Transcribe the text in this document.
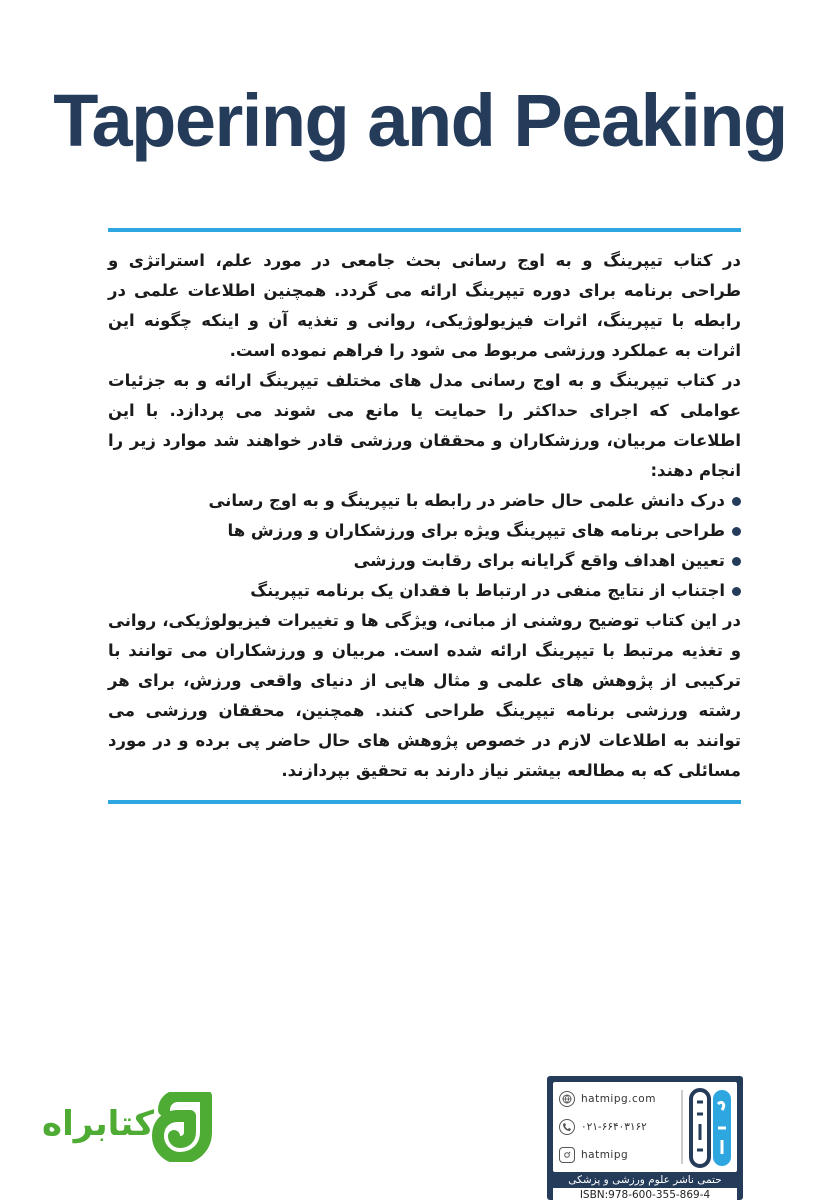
Tapering and Peaking

در کتاب تیپرینگ و به اوج رسانی بحث جامعی در مورد علم، استراتژی و طراحی برنامه برای دوره تیپرینگ ارائه می گردد. همچنین اطلاعات علمی در رابطه با تیپرینگ، اثرات فیزیولوژیکی، روانی و تغذیه آن و اینکه چگونه این اثرات به عملکرد ورزشی مربوط می شود را فراهم نموده است.

در کتاب تیپرینگ و به اوج رسانی مدل های مختلف تیپرینگ ارائه و به جزئیات عواملی که اجرای حداکثر را حمایت یا مانع می شوند می پردازد. با این اطلاعات مربیان، ورزشکاران و محققان ورزشی قادر خواهند شد موارد زیر را انجام دهند:

درک دانش علمی حال حاضر در رابطه با تیپرینگ و به اوج رسانی
طراحی برنامه های تیپرینگ ویژه برای ورزشکاران و ورزش ها
تعیین اهداف واقع گرایانه برای رقابت ورزشی
اجتناب از نتایج منفی در ارتباط با فقدان یک برنامه تیپرینگ

در این کتاب توضیح روشنی از مبانی، ویژگی ها و تغییرات فیزیولوژیکی، روانی و تغذیه مرتبط با تیپرینگ ارائه شده است. مربیان و ورزشکاران می توانند با ترکیبی از پژوهش های علمی و مثال هایی از دنیای واقعی ورزش، برای هر رشته ورزشی برنامه تیپرینگ طراحی کنند. همچنین، محققان ورزشی می توانند به اطلاعات لازم در خصوص پژوهش های حال حاضر پی برده و در مورد مسائلی که به مطالعه بیشتر نیاز دارند به تحقیق بپردازند.

کتابراه
hatmipg.com
۰۲۱-۶۶۴۰۳۱۶۲
hatmipg
حتمی ناشر علوم ورزشی و پزشکی
ISBN:978-600-355-869-4
